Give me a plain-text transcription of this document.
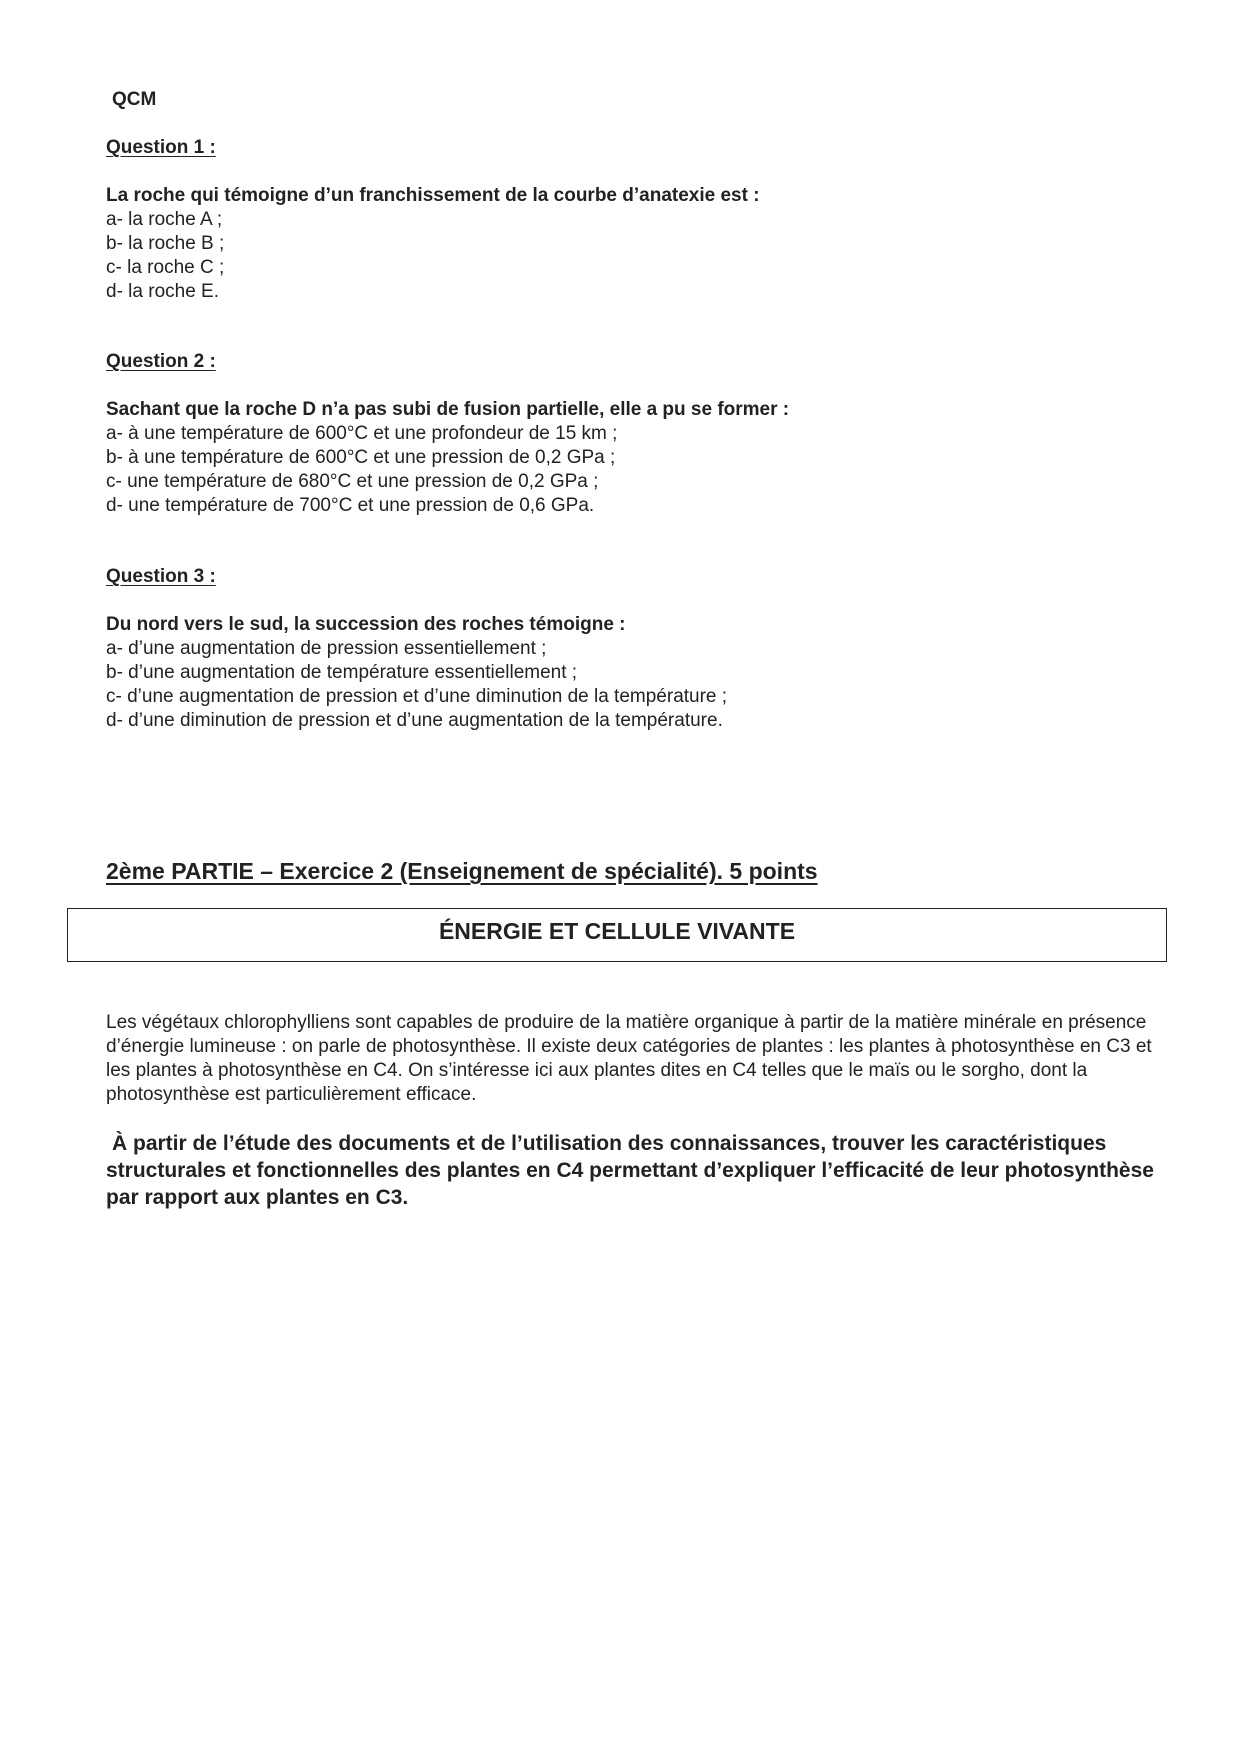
QCM

Question 1 :

La roche qui témoigne d’un franchissement de la courbe d’anatexie est :

a- la roche A ;
b- la roche B ;
c- la roche C ;
d- la roche E.

Question 2 :

Sachant que la roche D n’a pas subi de fusion partielle, elle a pu se former :

a- à une température de 600°C et une profondeur de 15 km ;
b- à une température de 600°C et une pression de 0,2 GPa ;
c- une température de 680°C et une pression de 0,2 GPa ;
d- une température de 700°C et une pression de 0,6 GPa.

Question 3 :

Du nord vers le sud, la succession des roches témoigne :

a- d’une augmentation de pression essentiellement ;
b- d’une augmentation de température essentiellement ;
c- d’une augmentation de pression et d’une diminution de la température ;
d- d’une diminution de pression et d’une augmentation de la température.
2ème PARTIE – Exercice 2 (Enseignement de spécialité). 5 points
ÉNERGIE ET CELLULE VIVANTE

Les végétaux chlorophylliens sont capables de produire de la matière organique à partir de la matière minérale en présence d’énergie lumineuse : on parle de photosynthèse. Il existe deux catégories de plantes : les plantes à photosynthèse en C3 et les plantes à photosynthèse en C4. On s’intéresse ici aux plantes dites en C4 telles que le maïs ou le sorgho, dont la photosynthèse est particulièrement efficace.

À partir de l’étude des documents et de l’utilisation des connaissances, trouver les caractéristiques structurales et fonctionnelles des plantes en C4 permettant d’expliquer l’efficacité de leur photosynthèse par rapport aux plantes en C3.
